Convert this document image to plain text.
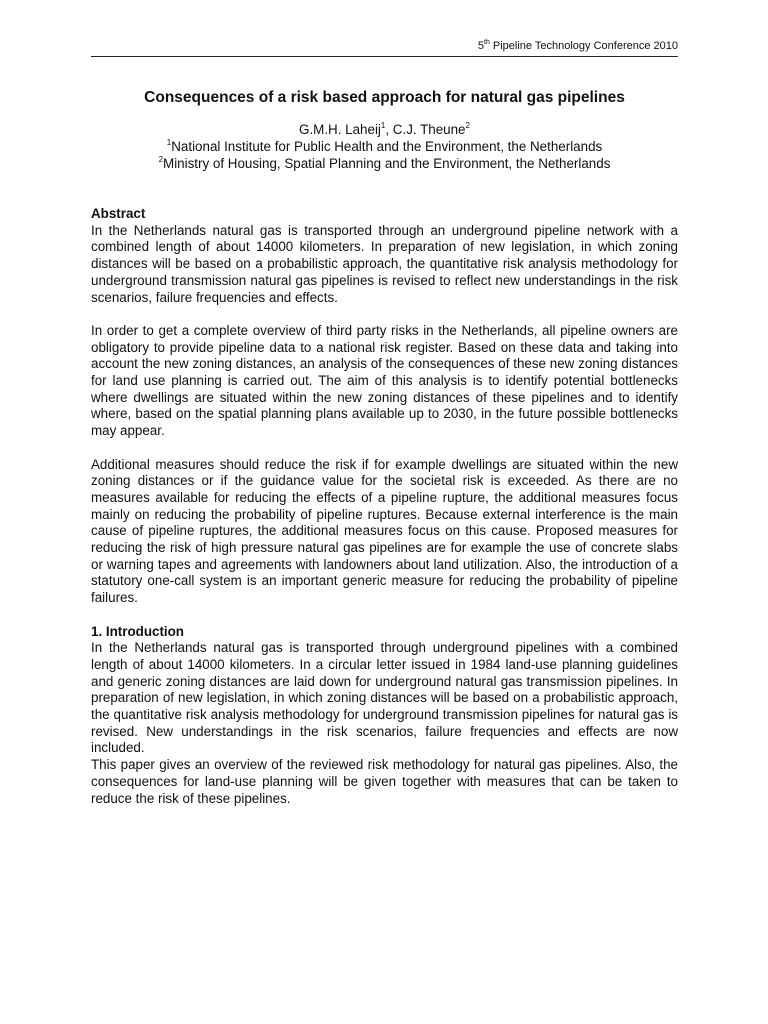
5th Pipeline Technology Conference 2010
Consequences of a risk based approach for natural gas pipelines
G.M.H. Laheij$^1$, C.J. Theune$^2$
$^1$National Institute for Public Health and the Environment, the Netherlands
$^2$Ministry of Housing, Spatial Planning and the Environment, the Netherlands
Abstract

In the Netherlands natural gas is transported through an underground pipeline network with a combined length of about 14000 kilometers. In preparation of new legislation, in which zoning distances will be based on a probabilistic approach, the quantitative risk analysis methodology for underground transmission natural gas pipelines is revised to reflect new understandings in the risk scenarios, failure frequencies and effects.

In order to get a complete overview of third party risks in the Netherlands, all pipeline owners are obligatory to provide pipeline data to a national risk register. Based on these data and taking into account the new zoning distances, an analysis of the consequences of these new zoning distances for land use planning is carried out. The aim of this analysis is to identify potential bottlenecks where dwellings are situated within the new zoning distances of these pipelines and to identify where, based on the spatial planning plans available up to 2030, in the future possible bottlenecks may appear.

Additional measures should reduce the risk if for example dwellings are situated within the new zoning distances or if the guidance value for the societal risk is exceeded. As there are no measures available for reducing the effects of a pipeline rupture, the additional measures focus mainly on reducing the probability of pipeline ruptures. Because external interference is the main cause of pipeline ruptures, the additional measures focus on this cause. Proposed measures for reducing the risk of high pressure natural gas pipelines are for example the use of concrete slabs or warning tapes and agreements with landowners about land utilization. Also, the introduction of a statutory one-call system is an important generic measure for reducing the probability of pipeline failures.

1. Introduction

In the Netherlands natural gas is transported through underground pipelines with a combined length of about 14000 kilometers. In a circular letter issued in 1984 land-use planning guidelines and generic zoning distances are laid down for underground natural gas transmission pipelines. In preparation of new legislation, in which zoning distances will be based on a probabilistic approach, the quantitative risk analysis methodology for underground transmission pipelines for natural gas is revised. New understandings in the risk scenarios, failure frequencies and effects are now included.

This paper gives an overview of the reviewed risk methodology for natural gas pipelines. Also, the consequences for land-use planning will be given together with measures that can be taken to reduce the risk of these pipelines.
